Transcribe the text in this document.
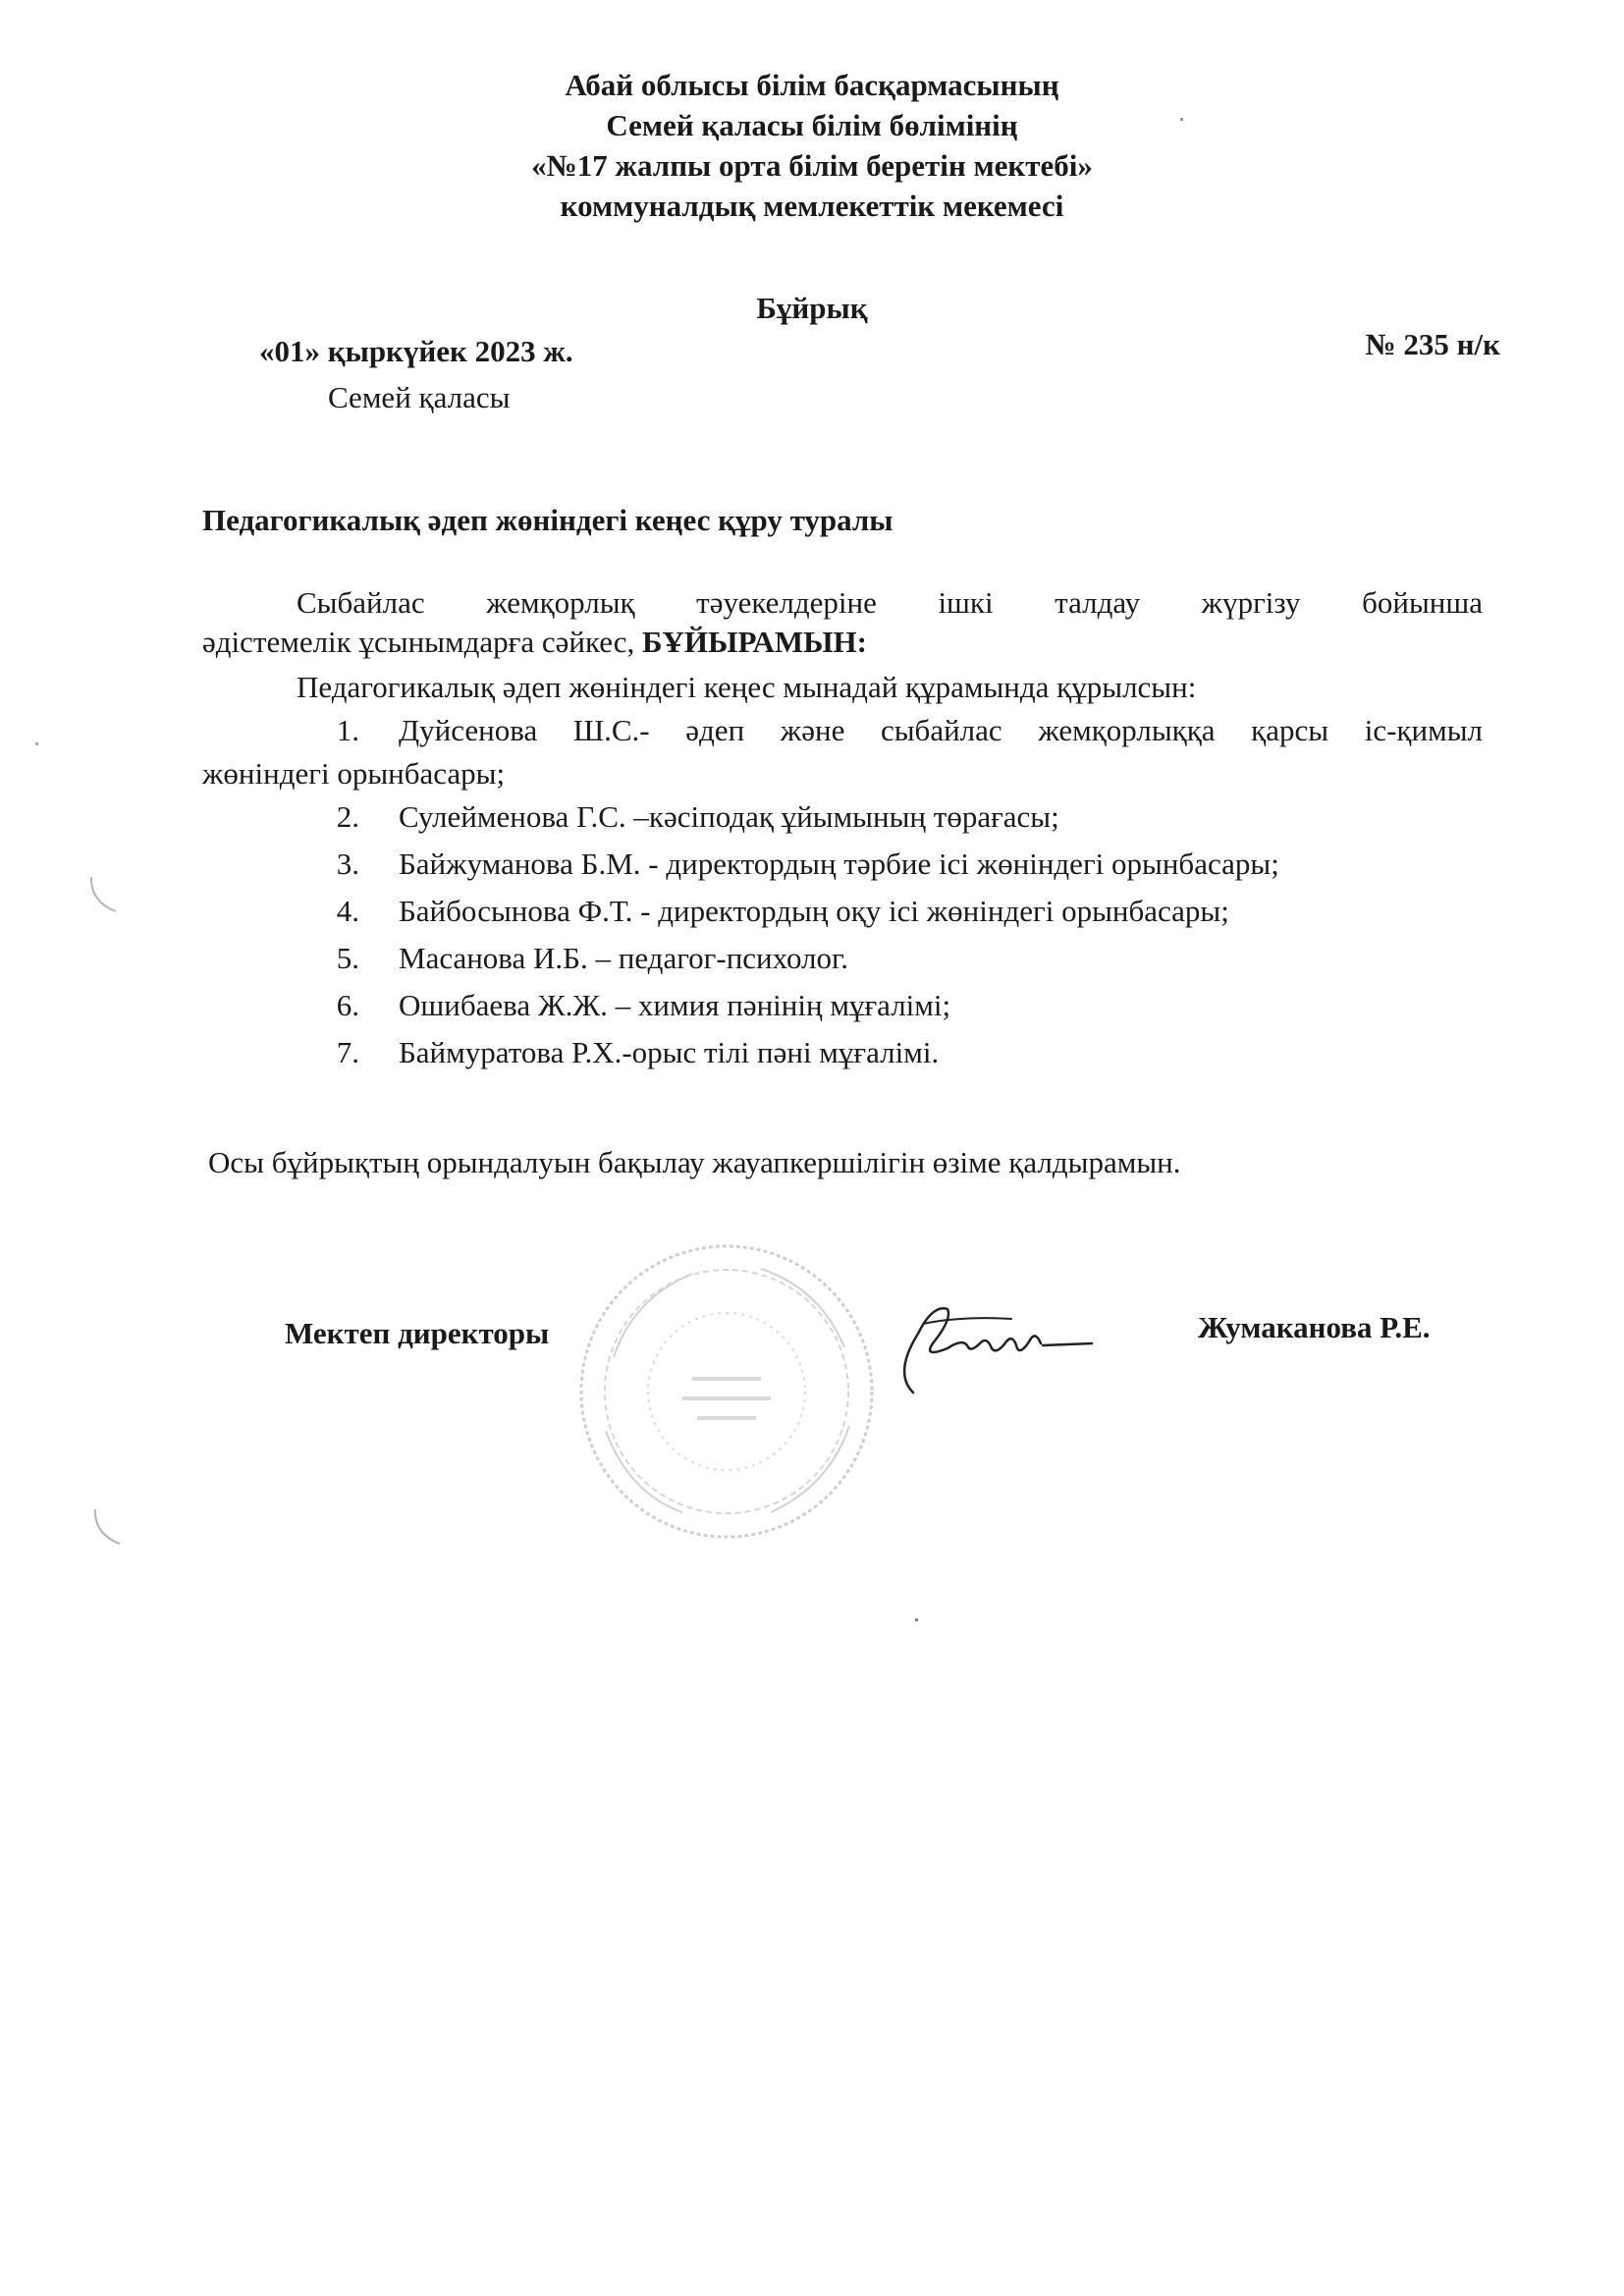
Абай облысы білім басқармасының
Семей қаласы білім бөлімінің
«№17 жалпы орта білім беретін мектебі»
коммуналдық мемлекеттік мекемесі
Бұйрық
«01» қыркүйек 2023 ж.	№ 235 н/к
Семей қаласы
Педагогикалық әдеп жөніндегі кеңес құру туралы
Сыбайлас жемқорлық тәуекелдеріне ішкі талдау жүргізу бойынша
әдістемелік ұсынымдарға сәйкес, БҰЙЫРАМЫН:
Педагогикалық әдеп жөніндегі кеңес мынадай құрамында құрылсын:
1. Дуйсенова Ш.С.- әдеп және сыбайлас жемқорлыққа қарсы іс-қимыл
жөніндегі орынбасары;
2. Сулейменова Г.С. –кәсіподақ ұйымының төрағасы;
3. Байжуманова Б.М. - директордың тәрбие ісі жөніндегі орынбасары;
4. Байбосынова Ф.Т. - директордың оқу ісі жөніндегі орынбасары;
5. Масанова И.Б. – педагог-психолог.
6. Ошибаева Ж.Ж. – химия пәнінің мұғалімі;
7. Баймуратова Р.Х.-орыс тілі пәні мұғалімі.
Осы бұйрықтың орындалуын бақылау жауапкершілігін өзіме қалдырамын.
Мектеп директоры	Жумаканова Р.Е.
